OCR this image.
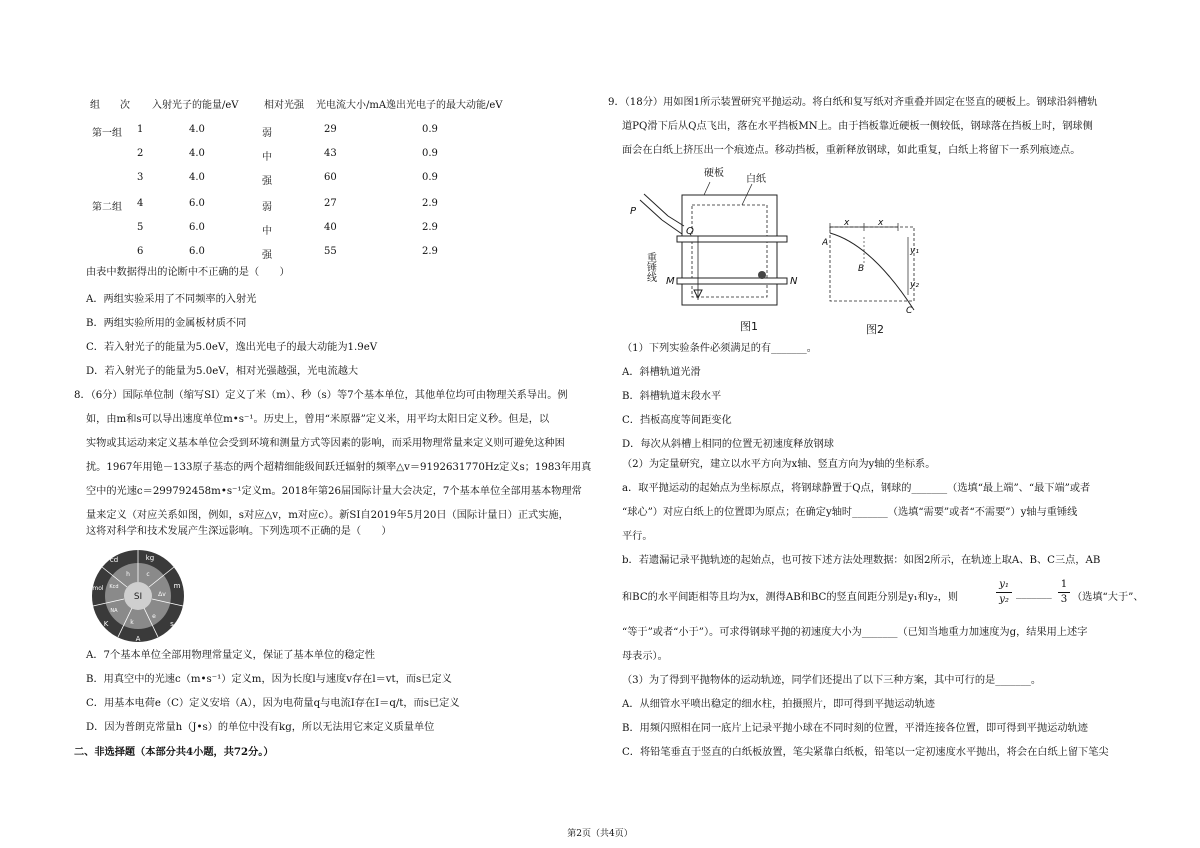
组　　次 入射光子的能量/eV	相对光强 光电流大小/mA 逸出光电子的最大动能/eV
第一组 1	4.0	弱	29	0.9
2	4.0	中	43	0.9
3	4.0	强	60	0.9
第二组 4	6.0	弱	27	2.9
5	6.0	中	40	2.9
6	6.0	强	55	2.9
由表中数据得出的论断中不正确的是（　　）
A．两组实验采用了不同频率的入射光
B．两组实验所用的金属板材质不同
C．若入射光子的能量为5.0eV，逸出光电子的最大动能为1.9eV
D．若入射光子的能量为5.0eV，相对光强越强，光电流越大
8．（6分）国际单位制（缩写SI）定义了米（m）、秒（s）等7个基本单位，其他单位均可由物理关系导出。例
如，由m和s可以导出速度单位m•s⁻¹。历史上，曾用“米原器”定义米，用平均太阳日定义秒。但是，以
实物或其运动来定义基本单位会受到环境和测量方式等因素的影响，而采用物理常量来定义则可避免这种困
扰。1967年用铯－133原子基态的两个超精细能级间跃迁辐射的频率△v＝9192631770Hz定义s；1983年用真
空中的光速c＝299792458m•s⁻¹定义m。2018年第26届国际计量大会决定，7个基本单位全部用基本物理常
量来定义（对应关系如图，例如，s对应△v，m对应c）。新SI自2019年5月20日（国际计量日）正式实施，
这将对科学和技术发展产生深远影响。下列选项不正确的是（　　）
SI
cd	kg
m
s
A
K
mol
h	c
Δv
e
k
NA
Kcd
A．7个基本单位全部用物理常量定义，保证了基本单位的稳定性
B．用真空中的光速c（m•s⁻¹）定义m，因为长度l与速度v存在l＝vt，而s已定义
C．用基本电荷e（C）定义安培（A），因为电荷量q与电流I存在I＝q/t，而s已定义
D．因为普朗克常量h（J•s）的单位中没有kg，所以无法用它来定义质量单位
二、非选择题（本部分共4小题，共72分。）
9．（18分）用如图1所示装置研究平抛运动。将白纸和复写纸对齐重叠并固定在竖直的硬板上。钢球沿斜槽轨
道PQ滑下后从Q点飞出，落在水平挡板MN上。由于挡板靠近硬板一侧较低，钢球落在挡板上时，钢球侧
面会在白纸上挤压出一个痕迹点。移动挡板，重新释放钢球，如此重复，白纸上将留下一系列痕迹点。
硬板
白纸
重锤线
P
Q
M	N
图1
x	x
A
B
C
y₁
y₂
图2
（1）下列实验条件必须满足的有_______。
A．斜槽轨道光滑
B．斜槽轨道末段水平
C．挡板高度等间距变化
D．每次从斜槽上相同的位置无初速度释放钢球
（2）为定量研究，建立以水平方向为x轴、竖直方向为y轴的坐标系。
a．取平抛运动的起始点为坐标原点，将钢球静置于Q点，钢球的_______（选填“最上端”、“最下端”或者
“球心”）对应白纸上的位置即为原点；在确定y轴时_______（选填“需要”或者“不需要”）y轴与重锤线
平行。
b．若遗漏记录平抛轨迹的起始点，也可按下述方法处理数据：如图2所示，在轨迹上取A、B、C三点，AB
和BC的水平间距相等且均为x，测得AB和BC的竖直间距分别是y₁和y₂，则	$\frac{\text{y₁}}{\text{y₂}}$ _______ $\frac{1}{3}$ （选填“大于”、
“等于”或者“小于”）。可求得钢球平抛的初速度大小为_______（已知当地重力加速度为g，结果用上述字
母表示）。
（3）为了得到平抛物体的运动轨迹，同学们还提出了以下三种方案，其中可行的是_______。
A．从细管水平喷出稳定的细水柱，拍摄照片，即可得到平抛运动轨迹
B．用频闪照相在同一底片上记录平抛小球在不同时刻的位置，平滑连接各位置，即可得到平抛运动轨迹
C．将铅笔垂直于竖直的白纸板放置，笔尖紧靠白纸板，铅笔以一定初速度水平抛出，将会在白纸上留下笔尖
第2页（共4页）
